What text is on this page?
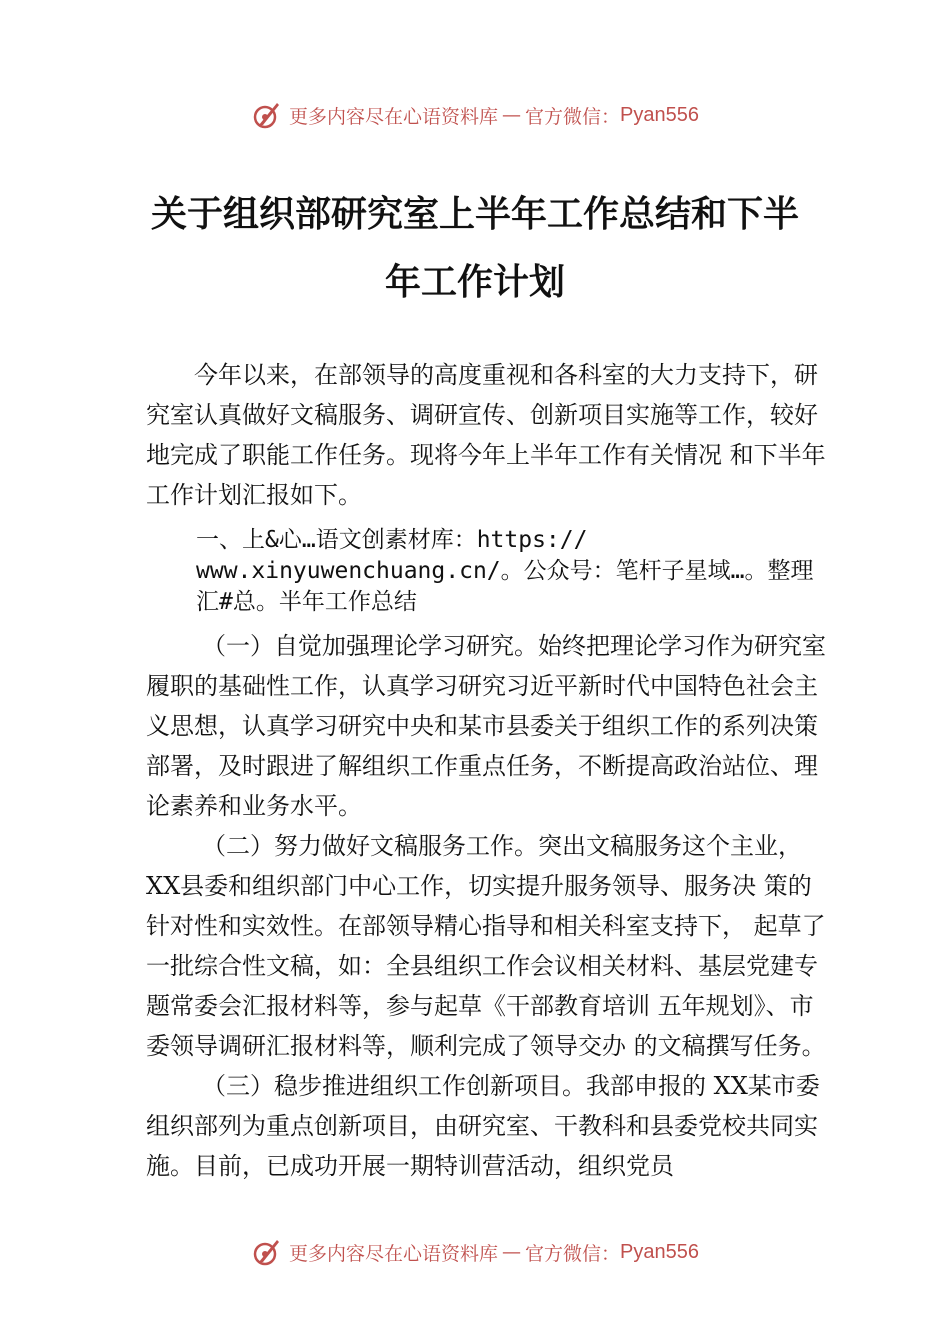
更多内容尽在心语资料库 — 官方微信： Pyan556
关于组织部研究室上半年工作总结和下半
年工作计划

今年以来，在部领导的高度重视和各科室的大力支持下，研究室认真做好文稿服务、调研宣传、创新项目实施等工作，较好地完成了职能工作任务。现将今年上半年工作有关情况 和下半年工作计划汇报如下。

一、上&心…语文创素材库：https:// www.xinyuwenchuang.cn/。公众号：笔杆子星域…。整理汇#总。半年工作总结

（一）自觉加强理论学习研究。始终把理论学习作为研究室履职的基础性工作，认真学习研究习近平新时代中国特色社会主义思想，认真学习研究中央和某市县委关于组织工作的系列决策部署，及时跟进了解组织工作重点任务，不断提高政治站位、理论素养和业务水平。

（二）努力做好文稿服务工作。突出文稿服务这个主业，XX县委和组织部门中心工作，切实提升服务领导、服务决 策的针对性和实效性。在部领导精心指导和相关科室支持下， 起草了一批综合性文稿，如：全县组织工作会议相关材料、基层党建专题常委会汇报材料等，参与起草《干部教育培训 五年规划》、市委领导调研汇报材料等，顺利完成了领导交办 的文稿撰写任务。

（三）稳步推进组织工作创新项目。我部申报的 XX某市委组织部列为重点创新项目，由研究室、干教科和县委党校共同实施。目前，已成功开展一期特训营活动，组织党员

更多内容尽在心语资料库 — 官方微信： Pyan556
